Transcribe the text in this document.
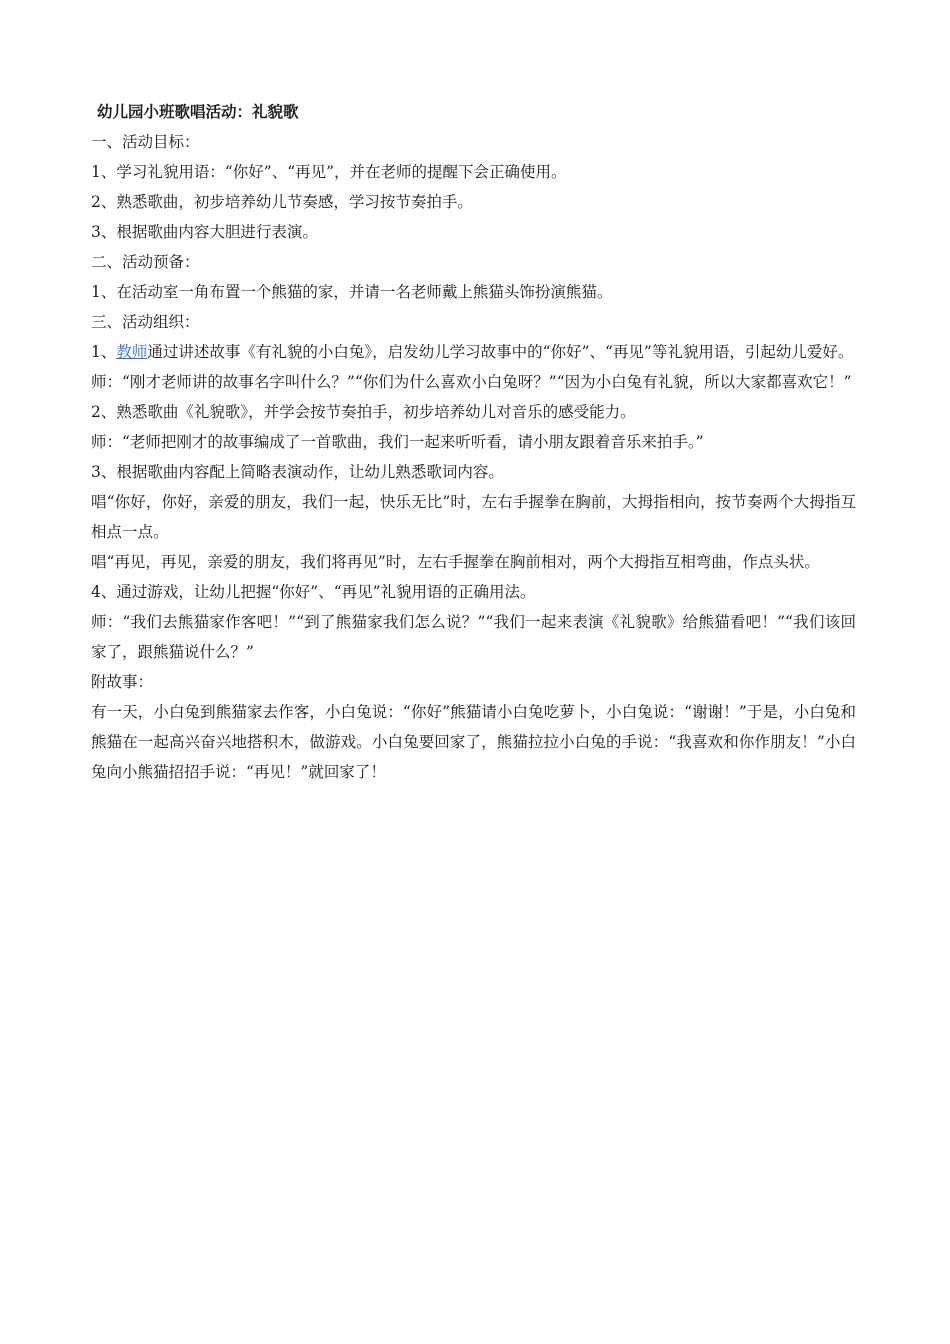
幼儿园小班歌唱活动：礼貌歌

一、活动目标：

1、学习礼貌用语：“你好”、“再见”，并在老师的提醒下会正确使用。

2、熟悉歌曲，初步培养幼儿节奏感，学习按节奏拍手。

3、根据歌曲内容大胆进行表演。

二、活动预备：

1、在活动室一角布置一个熊猫的家，并请一名老师戴上熊猫头饰扮演熊猫。

三、活动组织：

1、教师通过讲述故事《有礼貌的小白兔》，启发幼儿学习故事中的“你好”、“再见”等礼貌用语，引起幼儿爱好。

师：“刚才老师讲的故事名字叫什么？”“你们为什么喜欢小白兔呀？”“因为小白兔有礼貌，所以大家都喜欢它！”

2、熟悉歌曲《礼貌歌》，并学会按节奏拍手，初步培养幼儿对音乐的感受能力。

师：“老师把刚才的故事编成了一首歌曲，我们一起来听听看，请小朋友跟着音乐来拍手。”

3、根据歌曲内容配上简略表演动作，让幼儿熟悉歌词内容。

唱“你好，你好，亲爱的朋友，我们一起，快乐无比”时，左右手握拳在胸前，大拇指相向，按节奏两个大拇指互相点一点。

唱“再见，再见，亲爱的朋友，我们将再见”时，左右手握拳在胸前相对，两个大拇指互相弯曲，作点头状。

4、通过游戏，让幼儿把握“你好”、“再见”礼貌用语的正确用法。

师：“我们去熊猫家作客吧！”“到了熊猫家我们怎么说？”“我们一起来表演《礼貌歌》给熊猫看吧！”“我们该回家了，跟熊猫说什么？”

附故事：

有一天，小白兔到熊猫家去作客，小白兔说：“你好”熊猫请小白兔吃萝卜，小白兔说：“谢谢！”于是，小白兔和熊猫在一起高兴奋兴地搭积木，做游戏。小白兔要回家了，熊猫拉拉小白兔的手说：“我喜欢和你作朋友！”小白兔向小熊猫招招手说：“再见！”就回家了！
